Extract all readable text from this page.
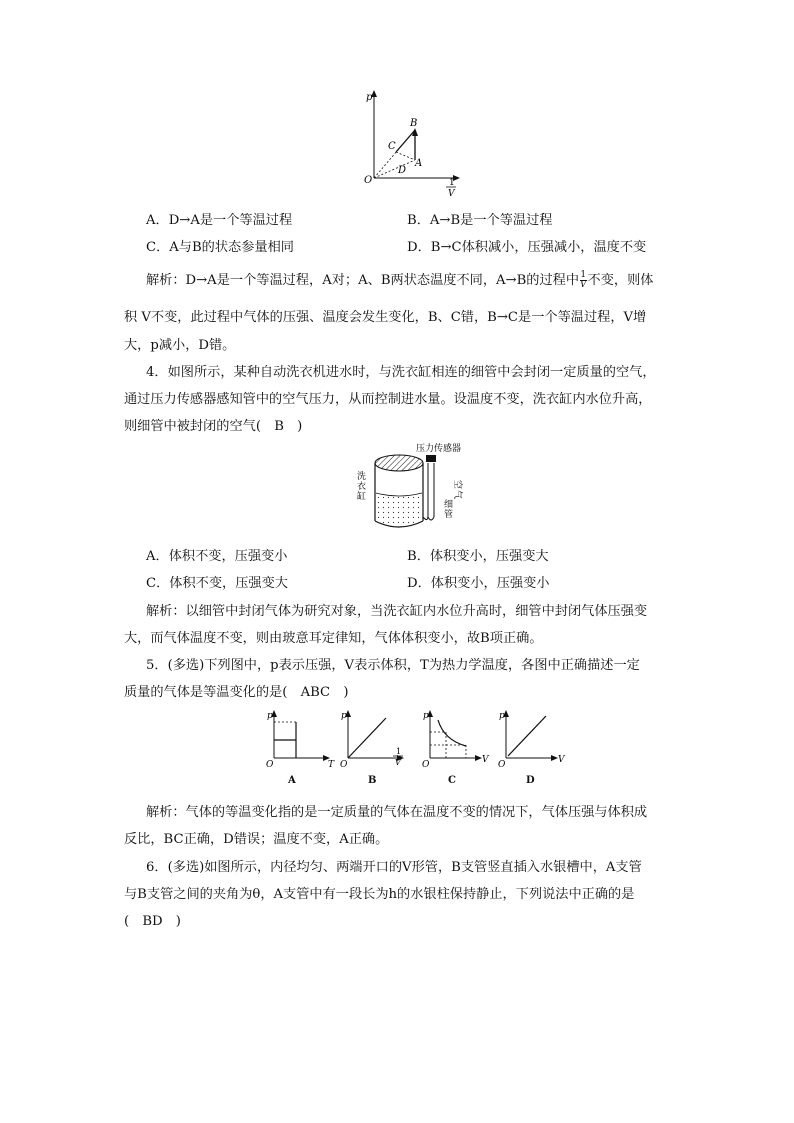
p
O
B
C
A
D
1
V
A．D→A是一个等温过程	B．A→B是一个等温过程
C．A与B的状态参量相同	D．B→C体积减小，压强减小，温度不变
解析：D→A是一个等温过程，A对；A、B两状态温度不同，A→B的过程中 $\frac{1}{V}$ 不变，则体
积 V不变，此过程中气体的压强、温度会发生变化，B、C错，B→C是一个等温过程，V增
大，p减小，D错。
4．如图所示，某种自动洗衣机进水时，与洗衣缸相连的细管中会封闭一定质量的空气，
通过压力传感器感知管中的空气压力，从而控制进水量。设温度不变，洗衣缸内水位升高，
则细管中被封闭的空气(　B　)
压力传感器
洗
衣
缸
空
气
细
管
A．体积不变，压强变小	B．体积变小，压强变大
C．体积不变，压强变大	D．体积变小，压强变小
解析：以细管中封闭气体为研究对象，当洗衣缸内水位升高时，细管中封闭气体压强变
大，而气体温度不变，则由玻意耳定律知，气体体积变小，故B项正确。
5．(多选)下列图中，p表示压强，V表示体积，T为热力学温度，各图中正确描述一定
质量的气体是等温变化的是(　ABC　)
p
O	T
A
p
O
1
V
B
p
O	V
C
p
O	V
D
解析：气体的等温变化指的是一定质量的气体在温度不变的情况下，气体压强与体积成
反比，BC正确，D错误；温度不变，A正确。
6．(多选)如图所示，内径均匀、两端开口的V形管，B支管竖直插入水银槽中，A支管
与B支管之间的夹角为θ，A支管中有一段长为h的水银柱保持静止，下列说法中正确的是
(　BD　)
